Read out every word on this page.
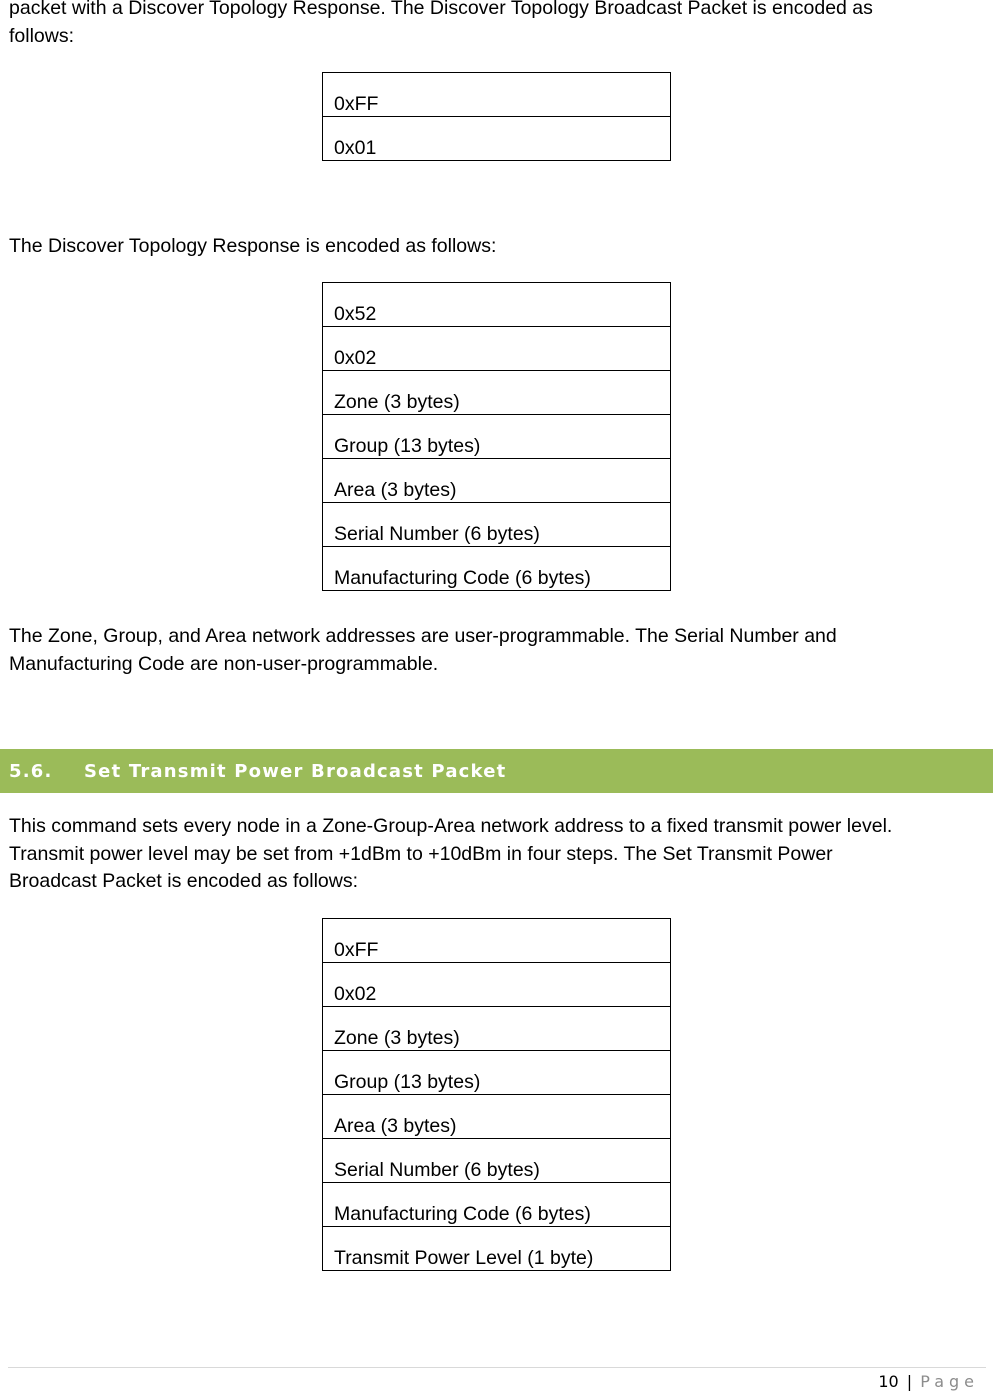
packet with a Discover Topology Response. The Discover Topology Broadcast Packet is encoded as
follows:

0xFF

0x01

The Discover Topology Response is encoded as follows:

0x52

0x02

Zone (3 bytes)

Group (13 bytes)

Area (3 bytes)

Serial Number (6 bytes)

Manufacturing Code (6 bytes)

The Zone, Group, and Area network addresses are user-programmable. The Serial Number and
Manufacturing Code are non-user-programmable.

5.6. Set Transmit Power Broadcast Packet

This command sets every node in a Zone-Group-Area network address to a fixed transmit power level.
Transmit power level may be set from +1dBm to +10dBm in four steps. The Set Transmit Power
Broadcast Packet is encoded as follows:

0xFF

0x02

Zone (3 bytes)

Group (13 bytes)

Area (3 bytes)

Serial Number (6 bytes)

Manufacturing Code (6 bytes)

Transmit Power Level (1 byte)
10 | Page
